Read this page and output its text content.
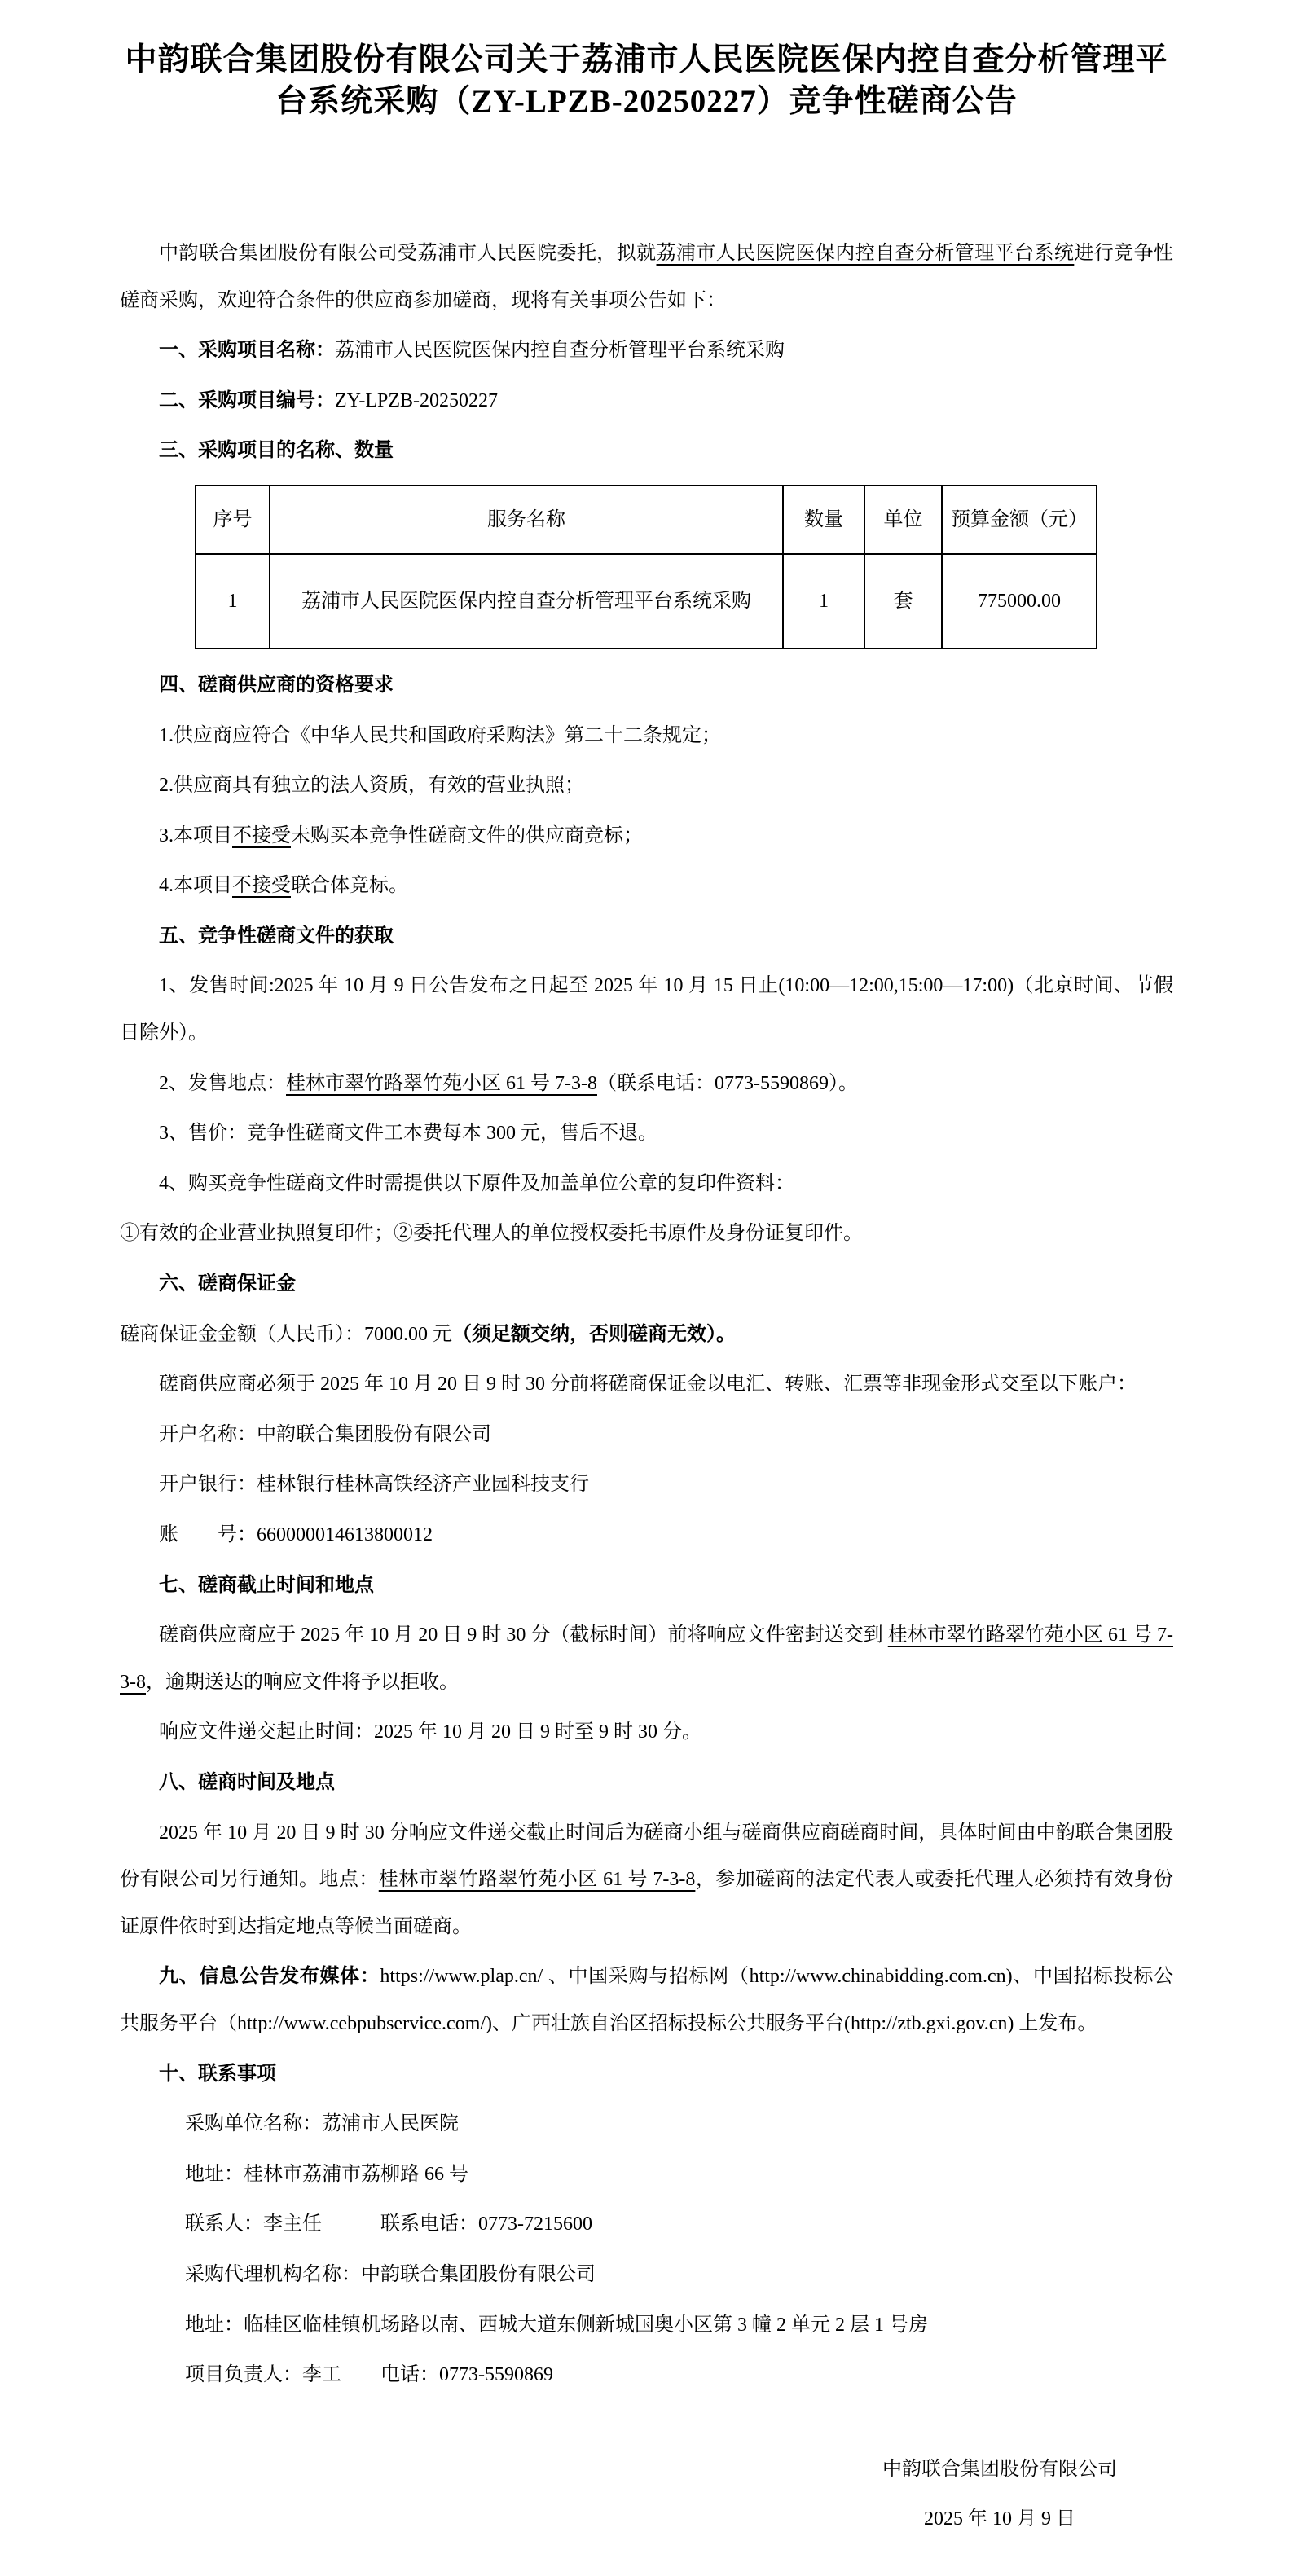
中韵联合集团股份有限公司关于荔浦市人民医院医保内控自查分析管理平台系统采购（ZY-LPZB-20250227）竞争性磋商公告

中韵联合集团股份有限公司受荔浦市人民医院委托，拟就荔浦市人民医院医保内控自查分析管理平台系统进行竞争性磋商采购，欢迎符合条件的供应商参加磋商，现将有关事项公告如下：

一、采购项目名称：荔浦市人民医院医保内控自查分析管理平台系统采购

二、采购项目编号：ZY-LPZB-20250227

三、采购项目的名称、数量

序号	服务名称	数量	单位	预算金额（元）
1	荔浦市人民医院医保内控自查分析管理平台系统采购	1	套	775000.00

四、磋商供应商的资格要求

1.供应商应符合《中华人民共和国政府采购法》第二十二条规定；

2.供应商具有独立的法人资质，有效的营业执照；

3.本项目不接受未购买本竞争性磋商文件的供应商竞标；

4.本项目不接受联合体竞标。

五、竞争性磋商文件的获取

1、发售时间:2025 年 10 月 9 日公告发布之日起至 2025 年 10 月 15 日止(10:00—12:00,15:00—17:00)（北京时间、节假日除外）。

2、发售地点：桂林市翠竹路翠竹苑小区 61 号 7-3-8（联系电话：0773-5590869）。

3、售价：竞争性磋商文件工本费每本 300 元，售后不退。

4、购买竞争性磋商文件时需提供以下原件及加盖单位公章的复印件资料：

①有效的企业营业执照复印件；②委托代理人的单位授权委托书原件及身份证复印件。

六、磋商保证金

磋商保证金金额（人民币）：7000.00 元（须足额交纳，否则磋商无效）。

磋商供应商必须于 2025 年 10 月 20 日 9 时 30 分前将磋商保证金以电汇、转账、汇票等非现金形式交至以下账户：

开户名称：中韵联合集团股份有限公司

开户银行：桂林银行桂林高铁经济产业园科技支行

账　　号：660000014613800012

七、磋商截止时间和地点

磋商供应商应于 2025 年 10 月 20 日 9 时 30 分（截标时间）前将响应文件密封送交到 桂林市翠竹路翠竹苑小区 61 号 7-3-8，逾期送达的响应文件将予以拒收。

响应文件递交起止时间：2025 年 10 月 20 日 9 时至 9 时 30 分。

八、磋商时间及地点

2025 年 10 月 20 日 9 时 30 分响应文件递交截止时间后为磋商小组与磋商供应商磋商时间，具体时间由中韵联合集团股份有限公司另行通知。地点：桂林市翠竹路翠竹苑小区 61 号 7-3-8，参加磋商的法定代表人或委托代理人必须持有效身份证原件依时到达指定地点等候当面磋商。

九、信息公告发布媒体：https://www.plap.cn/ 、中国采购与招标网（http://www.chinabidding.com.cn)、中国招标投标公共服务平台（http://www.cebpubservice.com/)、广西壮族自治区招标投标公共服务平台(http://ztb.gxi.gov.cn) 上发布。

十、联系事项

采购单位名称：荔浦市人民医院

地址：桂林市荔浦市荔柳路 66 号

联系人：李主任　　　联系电话：0773-7215600

采购代理机构名称：中韵联合集团股份有限公司

地址：临桂区临桂镇机场路以南、西城大道东侧新城国奥小区第 3 幢 2 单元 2 层 1 号房

项目负责人：李工　　电话：0773-5590869

中韵联合集团股份有限公司

2025 年 10 月 9 日
